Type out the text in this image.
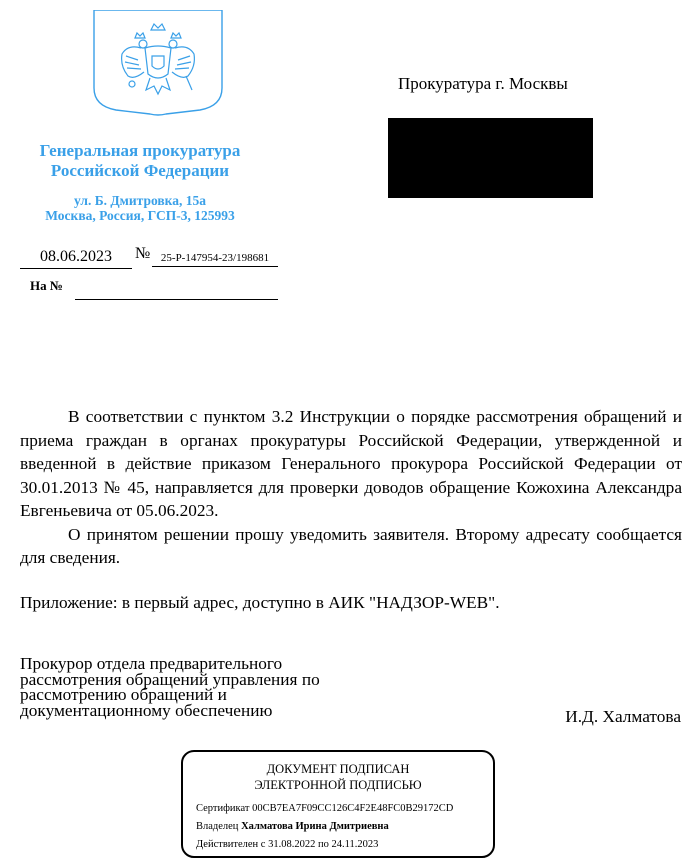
Генеральная прокуратура
Российской Федерации
ул. Б. Дмитровка, 15а
Москва, Россия, ГСП-3, 125993
08.06.2023	№ 25-Р-147954-23/198681
На №
Прокуратура г. Москвы

В соответствии с пунктом 3.2 Инструкции о порядке рассмотрения обращений и приема граждан в органах прокуратуры Российской Федерации, утвержденной и введенной в действие приказом Генерального прокурора Российской Федерации от 30.01.2013 № 45, направляется для проверки доводов обращение Кожохина Александра Евгеньевича от 05.06.2023.

О принятом решении прошу уведомить заявителя. Второму адресату сообщается для сведения.

Приложение: в первый адрес, доступно в АИК "НАДЗОР-WEB".
Прокурор отдела предварительного
рассмотрения обращений управления по
рассмотрению обращений и
документационному обеспечению	И.Д. Халматова
ДОКУМЕНТ ПОДПИСАН
ЭЛЕКТРОННОЙ ПОДПИСЬЮ
Сертификат 00CB7EA7F09CC126C4F2E48FC0B29172CD
Владелец Халматова Ирина Дмитриевна
Действителен с 31.08.2022 по 24.11.2023
